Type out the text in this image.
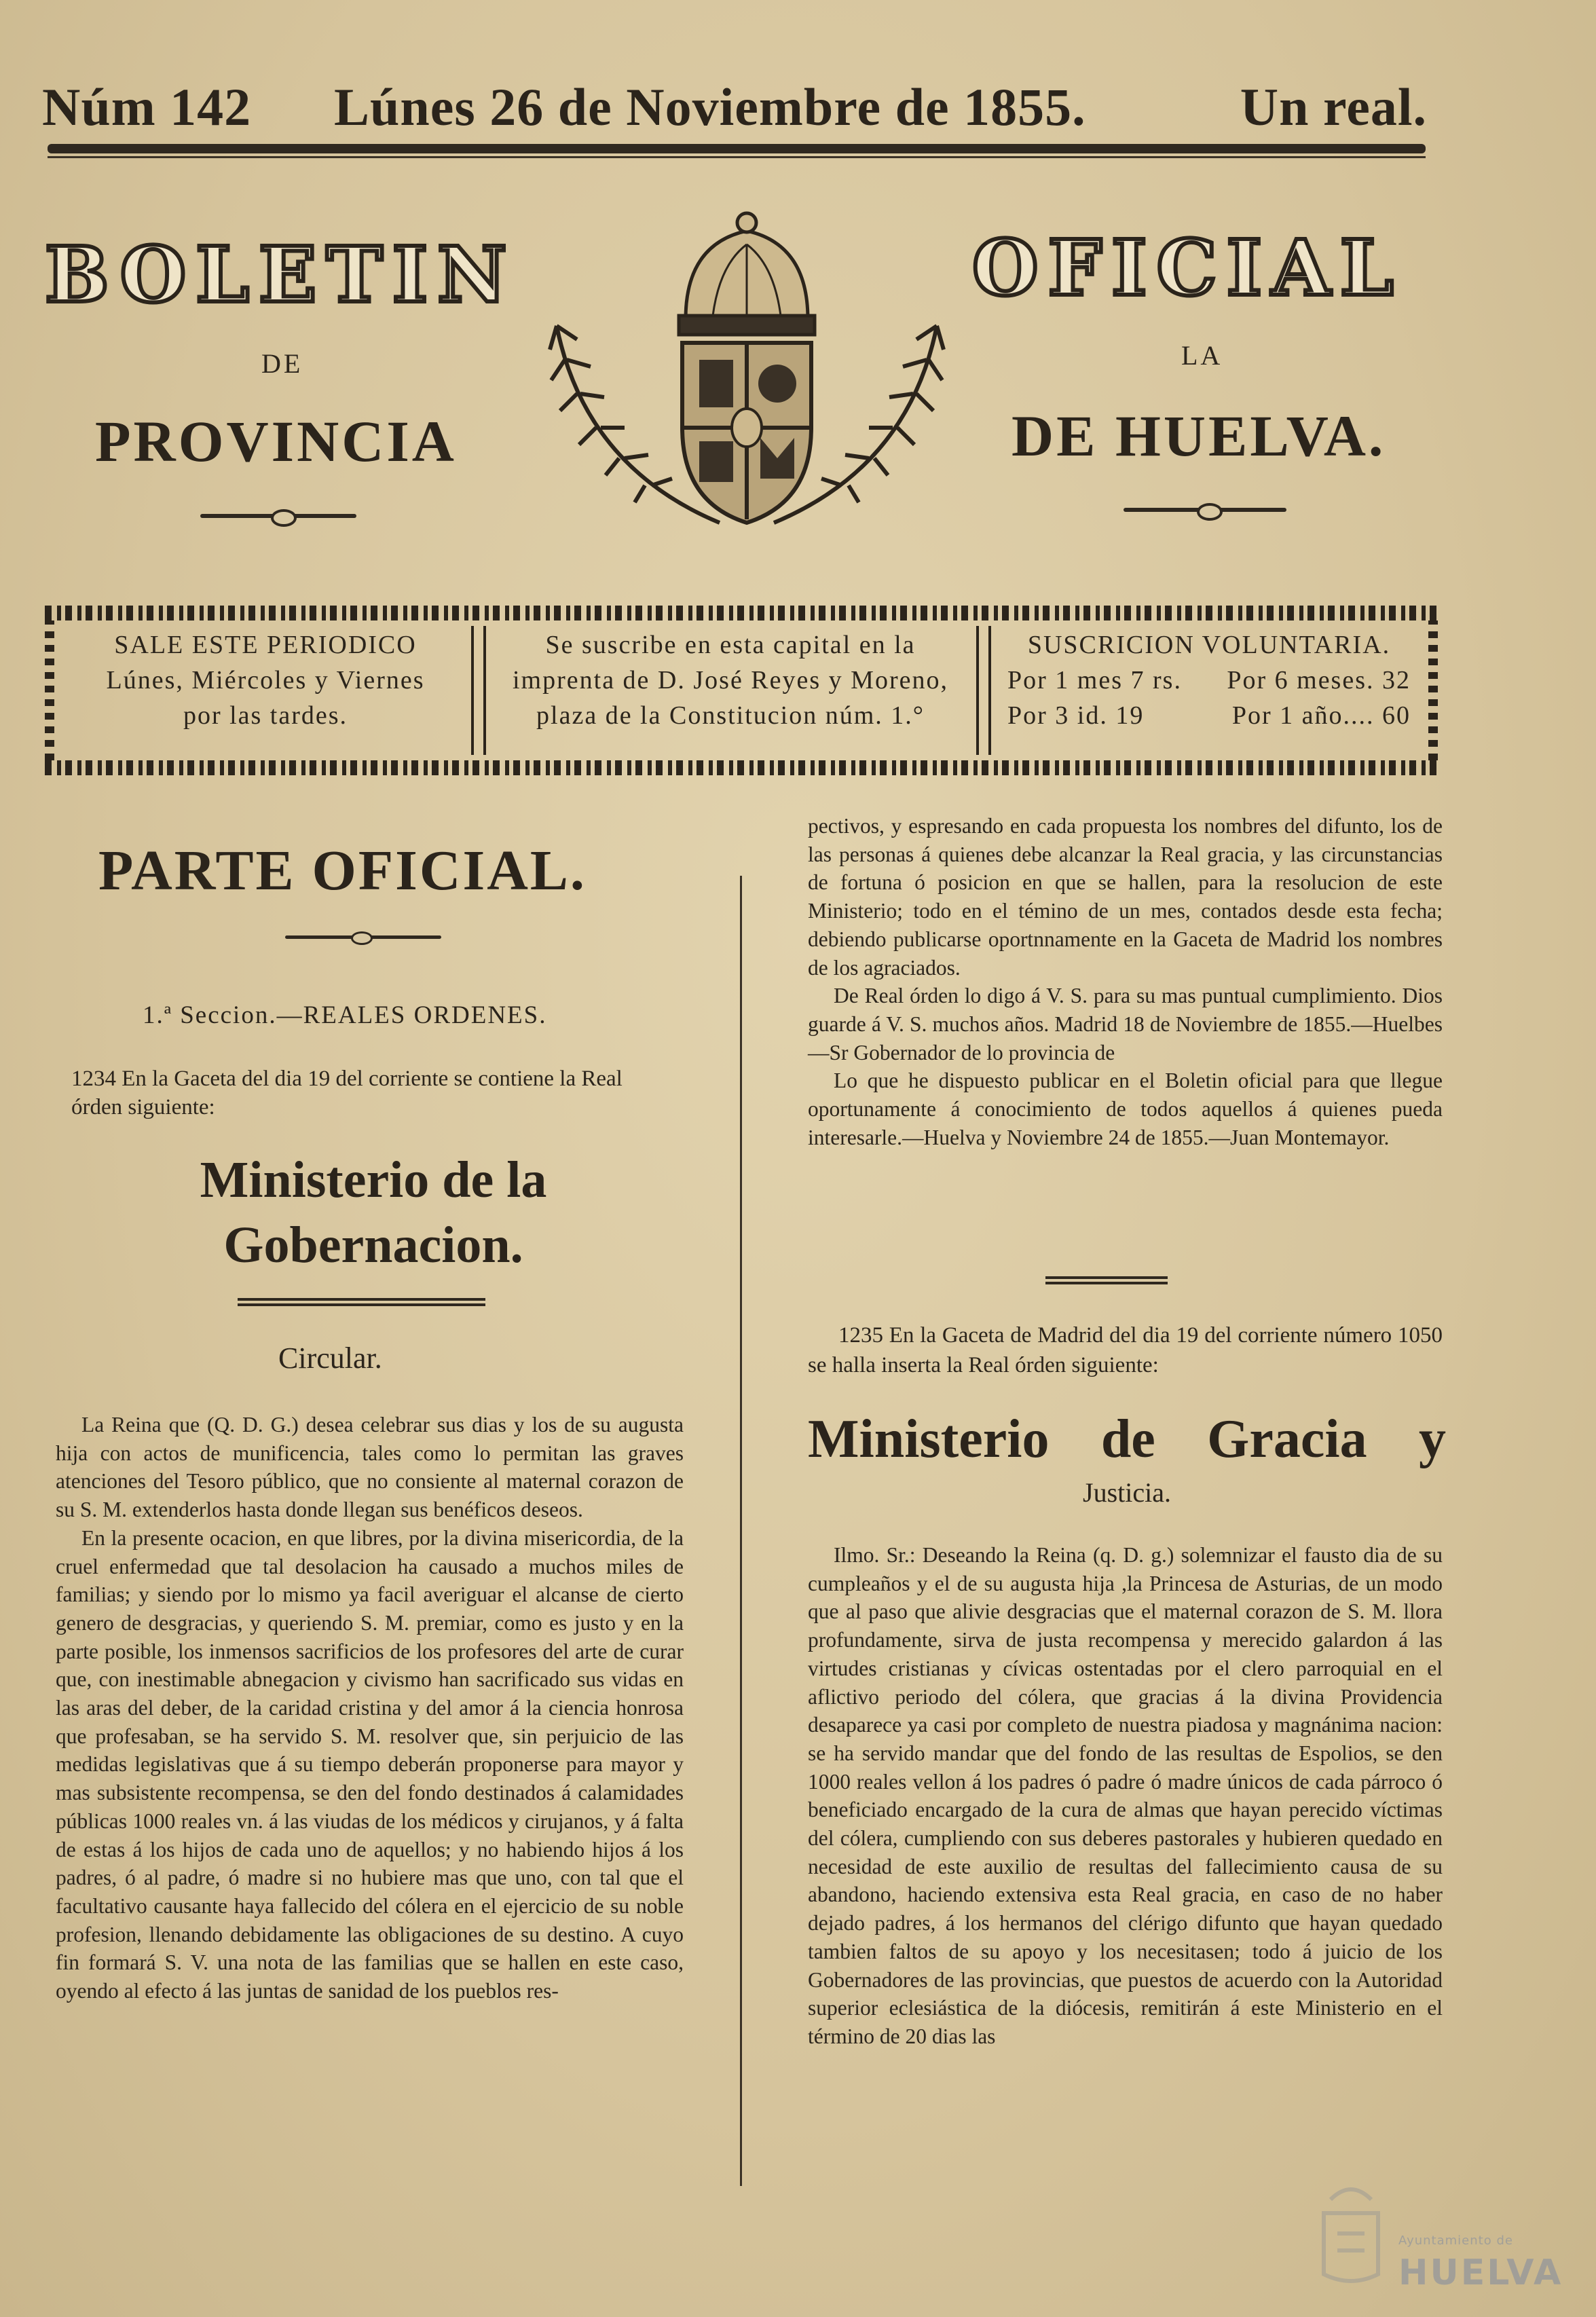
Núm 142 Lúnes 26 de Noviembre de 1855.	Un real.
BOLETIN	OFICIAL
DE	LA
PROVINCIA	DE HUELVA.
SALE ESTE PERIODICO
Lúnes, Miércoles y Viernes
por las tardes.
Se suscribe en esta capital en la
imprenta de D. José Reyes y Moreno,
plaza de la Constitucion núm. 1.°
SUSCRICION VOLUNTARIA.
Por 1 mes 7 rs. Por 6 meses. 32
Por 3 id. 19	Por 1 año.... 60
PARTE OFICIAL.
1.ª Seccion.—REALES ORDENES.
1234 En la Gaceta del dia 19 del corriente se contiene la Real órden siguiente:
Ministerio de la Gobernacion.
Circular.

La Reina que (Q. D. G.) desea celebrar sus dias y los de su augusta hija con actos de munificencia, tales como lo permitan las graves atenciones del Tesoro público, que no consiente al maternal corazon de su S. M. extenderlos hasta donde llegan sus benéficos deseos.

En la presente ocacion, en que libres, por la divina misericordia, de la cruel enfermedad que tal desolacion ha causado a muchos miles de familias; y siendo por lo mismo ya facil averiguar el alcanse de cierto genero de desgracias, y queriendo S. M. premiar, como es justo y en la parte posible, los inmensos sacrificios de los profesores del arte de curar que, con inestimable abnegacion y civismo han sacrificado sus vidas en las aras del deber, de la caridad cristina y del amor á la ciencia honrosa que profesaban, se ha servido S. M. resolver que, sin perjuicio de las medidas legislativas que á su tiempo deberán proponerse para mayor y mas subsistente recompensa, se den del fondo destinados á calamidades públicas 1000 reales vn. á las viudas de los médicos y cirujanos, y á falta de estas á los hijos de cada uno de aquellos; y no habiendo hijos á los padres, ó al padre, ó madre si no hubiere mas que uno, con tal que el facultativo causante haya fallecido del cólera en el ejercicio de su noble profesion, llenando debidamente las obligaciones de su destino. A cuyo fin formará S. V. una nota de las familias que se hallen en este caso, oyendo al efecto á las juntas de sanidad de los pueblos res-

pectivos, y espresando en cada propuesta los nombres del difunto, los de las personas á quienes debe alcanzar la Real gracia, y las circunstancias de fortuna ó posicion en que se hallen, para la resolucion de este Ministerio; todo en el témino de un mes, contados desde esta fecha; debiendo publicarse oportnnamente en la Gaceta de Madrid los nombres de los agraciados.

De Real órden lo digo á V. S. para su mas puntual cumplimiento. Dios guarde á V. S. muchos años. Madrid 18 de Noviembre de 1855.—Huelbes—Sr Gobernador de lo provincia de

Lo que he dispuesto publicar en el Boletin oficial para que llegue oportunamente á conocimiento de todos aquellos á quienes pueda interesarle.—Huelva y Noviembre 24 de 1855.—Juan Montemayor.

1235 En la Gaceta de Madrid del dia 19 del corriente número 1050 se halla inserta la Real órden siguiente:
Ministerio de Gracia y
Justicia.

Ilmo. Sr.: Deseando la Reina (q. D. g.) solemnizar el fausto dia de su cumpleaños y el de su augusta hija ,la Princesa de Asturias, de un modo que al paso que alivie desgracias que el maternal corazon de S. M. llora profundamente, sirva de justa recompensa y merecido galardon á las virtudes cristianas y cívicas ostentadas por el clero parroquial en el aflictivo periodo del cólera, que gracias á la divina Providencia desaparece ya casi por completo de nuestra piadosa y magnánima nacion: se ha servido mandar que del fondo de las resultas de Espolios, se den 1000 reales vellon á los padres ó padre ó madre únicos de cada párroco ó beneficiado encargado de la cura de almas que hayan perecido víctimas del cólera, cumpliendo con sus deberes pastorales y hubieren quedado en necesidad de este auxilio de resultas del fallecimiento causa de su abandono, haciendo extensiva esta Real gracia, en caso de no haber dejado padres, á los hermanos del clérigo difunto que hayan quedado tambien faltos de su apoyo y los necesitasen; todo á juicio de los Gobernadores de las provincias, que puestos de acuerdo con la Autoridad superior eclesiástica de la diócesis, remitirán á este Ministerio en el término de 20 dias las

Ayuntamiento de
HUELVA
